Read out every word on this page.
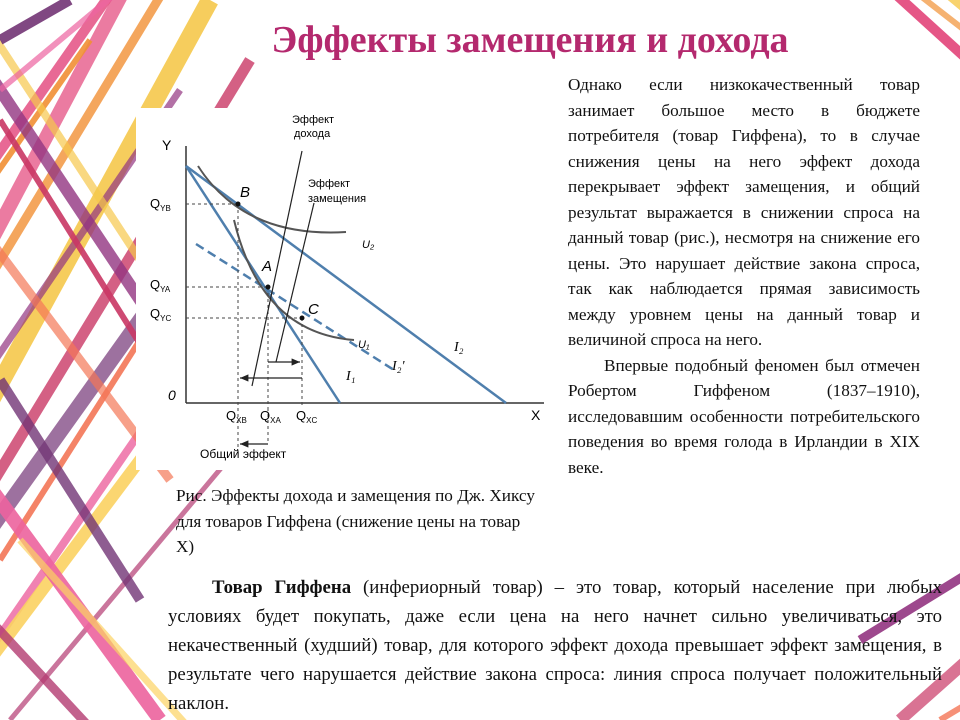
Эффекты замещения и дохода

Однако если низкокачественный товар занимает большое место в бюджете потребителя (товар Гиффена), то в случае снижения цены на него эффект дохода перекрывает эффект замещения, и общий результат выражается в снижении спроса на данный товар (рис.), несмотря на снижение его цены. Это нарушает действие закона спроса, так как наблюдается прямая зависимость между уровнем цены на данный товар и величиной спроса на него.

Впервые подобный феномен был отмечен Робертом Гиффеном (1837–1910), исследовавшим особенности потребительского поведения во время голода в Ирландии в XIX веке.

Y
X
0
B
A
C
Эффект
дохода
Эффект
замещения
Общий эффект
U₂
U₁	I₂
I₁
I₂'
$Q_{YB}$
$Q_{YA}$
$Q_{YC}$
$Q_{XB}$ $Q_{XA}$ $Q_{XC}$
Рис. Эффекты дохода и замещения по Дж. Хиксу для товаров Гиффена (снижение цены на товар X)

Товар Гиффена (инфериорный товар) – это товар, который население при любых условиях будет покупать, даже если цена на него начнет сильно увеличиваться, это некачественный (худший) товар, для которого эффект дохода превышает эффект замещения, в результате чего нарушается действие закона спроса: линия спроса получает положительный наклон.
